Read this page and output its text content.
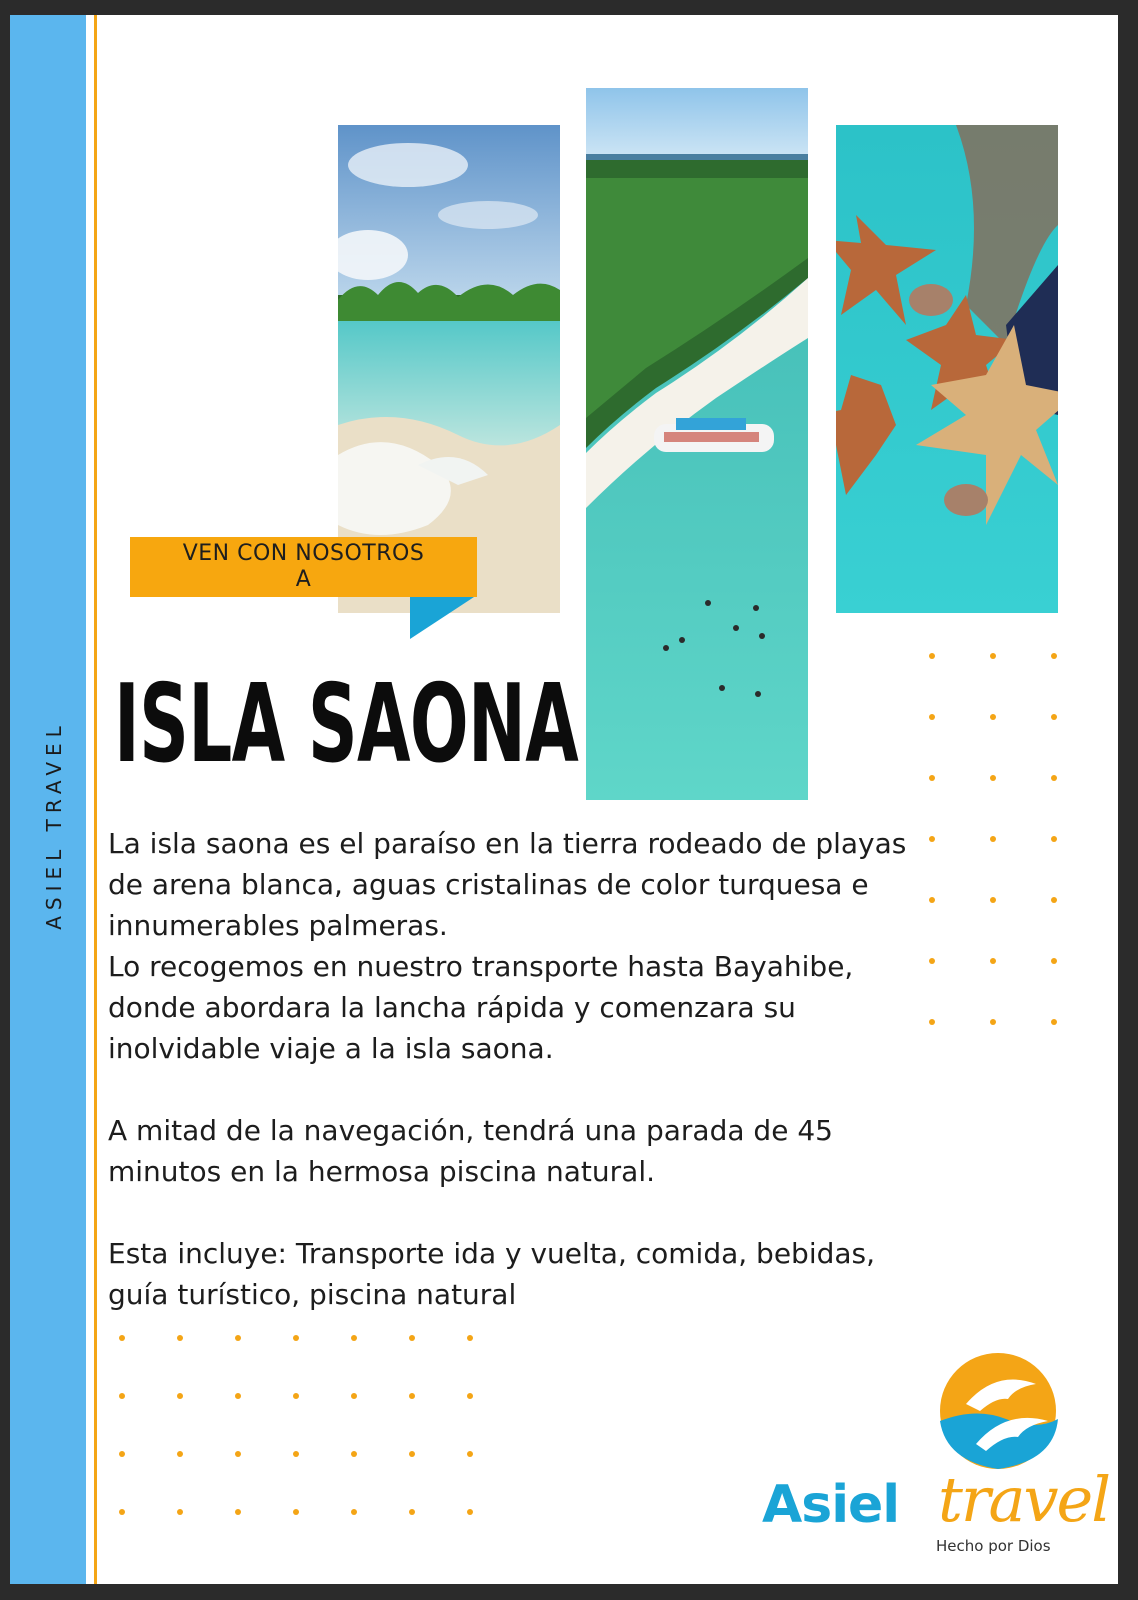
ASIEL TRAVEL
VEN CON NOSOTROS A
ISLA SAONA

La isla saona es el paraíso en la tierra rodeado de playas de arena blanca, aguas cristalinas de color turquesa e innumerables palmeras.

Lo recogemos en nuestro transporte hasta Bayahibe, donde abordara la lancha rápida y comenzara su inolvidable viaje a la isla saona.

A mitad de la navegación, tendrá una parada de 45 minutos en la hermosa piscina natural.

Esta incluye: Transporte ida y vuelta, comida, bebidas, guía turístico, piscina natural

Asiel travel
Hecho por Dios
